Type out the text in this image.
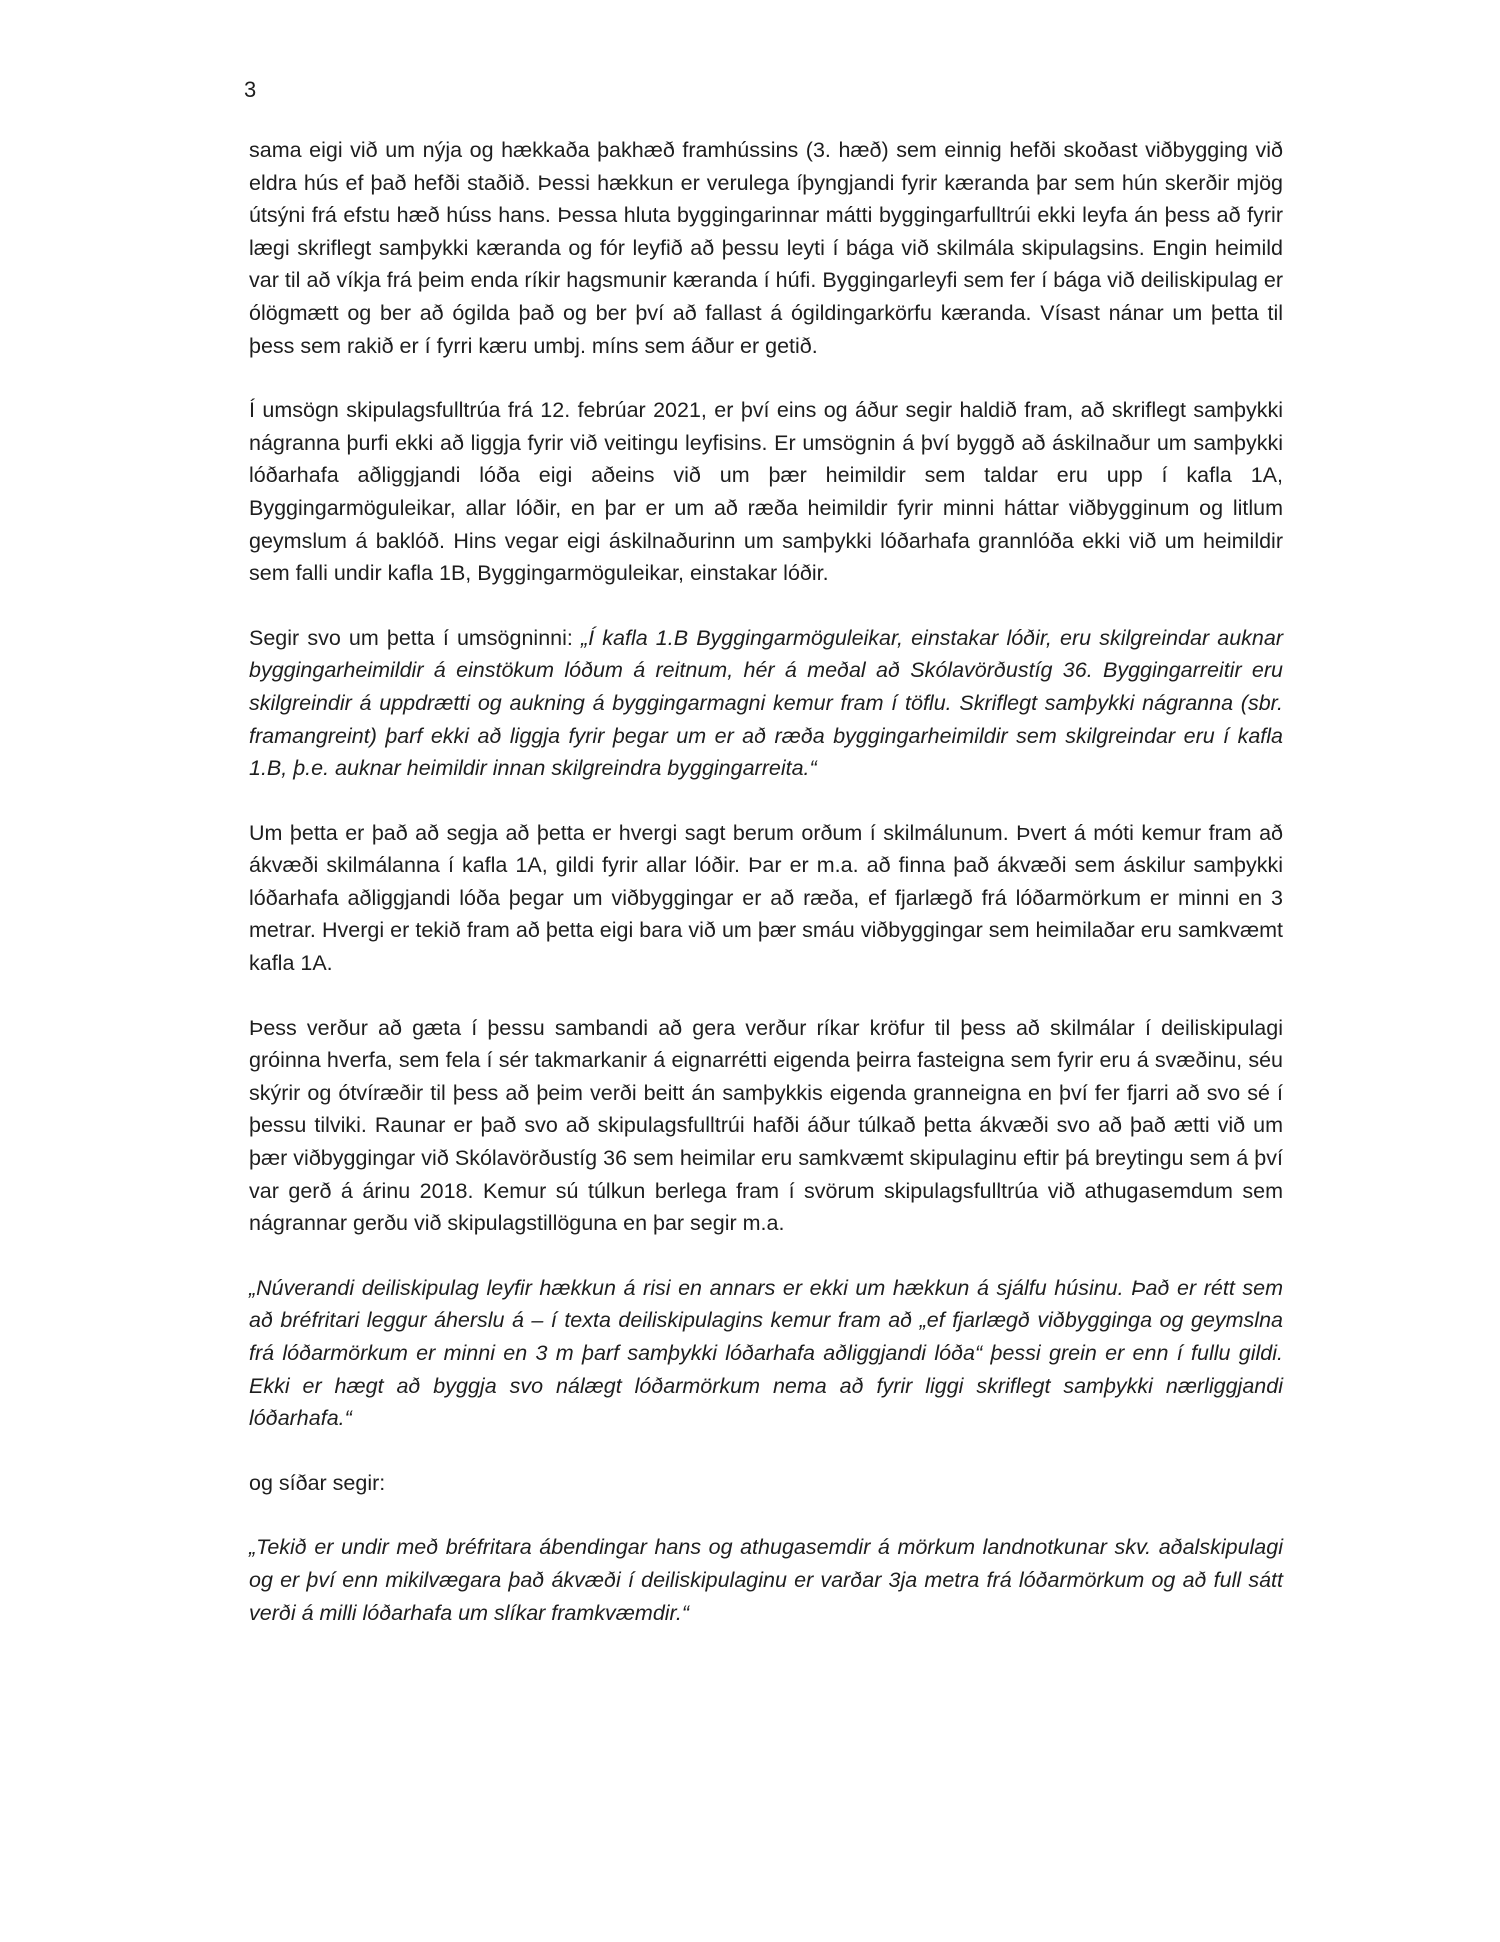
3

sama eigi við um nýja og hækkaða þakhæð framhússins (3. hæð) sem einnig hefði skoðast viðbygging við eldra hús ef það hefði staðið. Þessi hækkun er verulega íþyngjandi fyrir kæranda þar sem hún skerðir mjög útsýni frá efstu hæð húss hans. Þessa hluta byggingarinnar mátti byggingarfulltrúi ekki leyfa án þess að fyrir lægi skriflegt samþykki kæranda og fór leyfið að þessu leyti í bága við skilmála skipulagsins. Engin heimild var til að víkja frá þeim enda ríkir hagsmunir kæranda í húfi. Byggingarleyfi sem fer í bága við deiliskipulag er ólögmætt og ber að ógilda það og ber því að fallast á ógildingarkörfu kæranda. Vísast nánar um þetta til þess sem rakið er í fyrri kæru umbj. míns sem áður er getið.

Í umsögn skipulagsfulltrúa frá 12. febrúar 2021, er því eins og áður segir haldið fram, að skriflegt samþykki nágranna þurfi ekki að liggja fyrir við veitingu leyfisins. Er umsögnin á því byggð að áskilnaður um samþykki lóðarhafa aðliggjandi lóða eigi aðeins við um þær heimildir sem taldar eru upp í kafla 1A, Byggingarmöguleikar, allar lóðir, en þar er um að ræða heimildir fyrir minni háttar viðbygginum og litlum geymslum á baklóð. Hins vegar eigi áskilnaðurinn um samþykki lóðarhafa grannlóða ekki við um heimildir sem falli undir kafla 1B, Byggingarmöguleikar, einstakar lóðir.

Segir svo um þetta í umsögninni: „Í kafla 1.B Byggingarmöguleikar, einstakar lóðir, eru skilgreindar auknar byggingarheimildir á einstökum lóðum á reitnum, hér á meðal að Skólavörðustíg 36. Byggingarreitir eru skilgreindir á uppdrætti og aukning á byggingarmagni kemur fram í töflu. Skriflegt samþykki nágranna (sbr. framangreint) þarf ekki að liggja fyrir þegar um er að ræða byggingarheimildir sem skilgreindar eru í kafla 1.B, þ.e. auknar heimildir innan skilgreindra byggingarreita.“

Um þetta er það að segja að þetta er hvergi sagt berum orðum í skilmálunum. Þvert á móti kemur fram að ákvæði skilmálanna í kafla 1A, gildi fyrir allar lóðir. Þar er m.a. að finna það ákvæði sem áskilur samþykki lóðarhafa aðliggjandi lóða þegar um viðbyggingar er að ræða, ef fjarlægð frá lóðarmörkum er minni en 3 metrar. Hvergi er tekið fram að þetta eigi bara við um þær smáu viðbyggingar sem heimilaðar eru samkvæmt kafla 1A.

Þess verður að gæta í þessu sambandi að gera verður ríkar kröfur til þess að skilmálar í deiliskipulagi gróinna hverfa, sem fela í sér takmarkanir á eignarrétti eigenda þeirra fasteigna sem fyrir eru á svæðinu, séu skýrir og ótvíræðir til þess að þeim verði beitt án samþykkis eigenda granneigna en því fer fjarri að svo sé í þessu tilviki. Raunar er það svo að skipulagsfulltrúi hafði áður túlkað þetta ákvæði svo að það ætti við um þær viðbyggingar við Skólavörðustíg 36 sem heimilar eru samkvæmt skipulaginu eftir þá breytingu sem á því var gerð á árinu 2018. Kemur sú túlkun berlega fram í svörum skipulagsfulltrúa við athugasemdum sem nágrannar gerðu við skipulagstillöguna en þar segir m.a.

„Núverandi deiliskipulag leyfir hækkun á risi en annars er ekki um hækkun á sjálfu húsinu. Það er rétt sem að bréfritari leggur áherslu á – í texta deiliskipulagins kemur fram að „ef fjarlægð viðbygginga og geymslna frá lóðarmörkum er minni en 3 m þarf samþykki lóðarhafa aðliggjandi lóða“ þessi grein er enn í fullu gildi. Ekki er hægt að byggja svo nálægt lóðarmörkum nema að fyrir liggi skriflegt samþykki nærliggjandi lóðarhafa.“

og síðar segir:

„Tekið er undir með bréfritara ábendingar hans og athugasemdir á mörkum landnotkunar skv. aðalskipulagi og er því enn mikilvægara það ákvæði í deiliskipulaginu er varðar 3ja metra frá lóðarmörkum og að full sátt verði á milli lóðarhafa um slíkar framkvæmdir.“
